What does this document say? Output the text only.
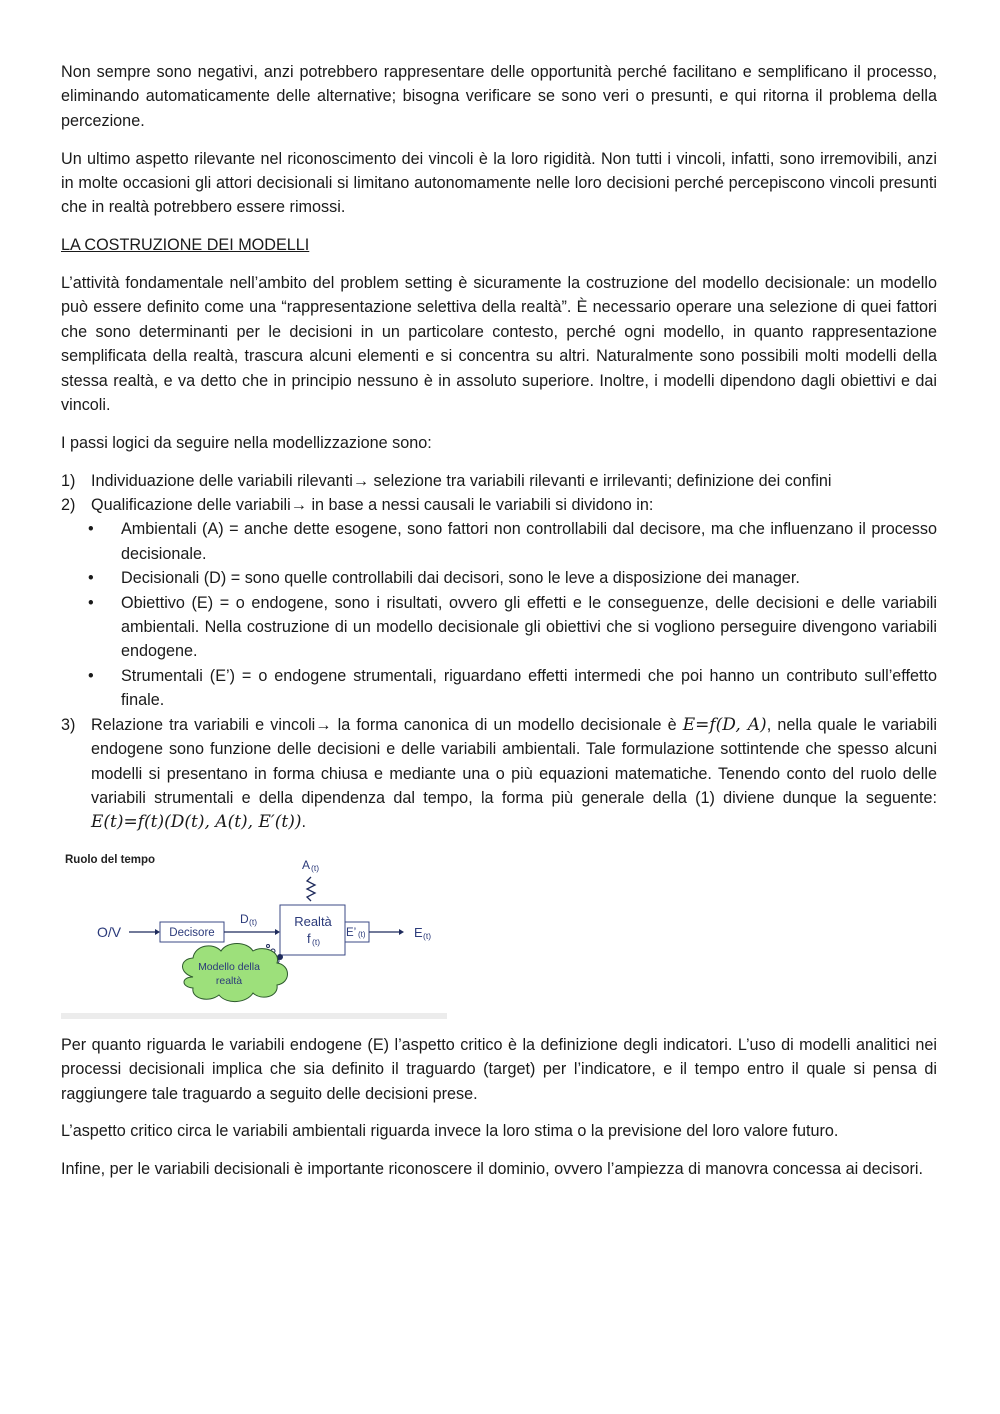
Non sempre sono negativi, anzi potrebbero rappresentare delle opportunità perché facilitano e semplificano il processo, eliminando automaticamente delle alternative; bisogna verificare se sono veri o presunti, e qui ritorna il problema della percezione.

Un ultimo aspetto rilevante nel riconoscimento dei vincoli è la loro rigidità. Non tutti i vincoli, infatti, sono irremovibili, anzi in molte occasioni gli attori decisionali si limitano autonomamente nelle loro decisioni perché percepiscono vincoli presunti che in realtà potrebbero essere rimossi.

LA COSTRUZIONE DEI MODELLI

L’attività fondamentale nell’ambito del problem setting è sicuramente la costruzione del modello decisionale: un modello può essere definito come una “rappresentazione selettiva della realtà”. È necessario operare una selezione di quei fattori che sono determinanti per le decisioni in un particolare contesto, perché ogni modello, in quanto rappresentazione semplificata della realtà, trascura alcuni elementi e si concentra su altri. Naturalmente sono possibili molti modelli della stessa realtà, e va detto che in principio nessuno è in assoluto superiore. Inoltre, i modelli dipendono dagli obiettivi e dai vincoli.

I passi logici da seguire nella modellizzazione sono:

1) Individuazione delle variabili rilevanti→ selezione tra variabili rilevanti e irrilevanti; definizione dei confini
2) Qualificazione delle variabili→ in base a nessi causali le variabili si dividono in:
• Ambientali (A) = anche dette esogene, sono fattori non controllabili dal decisore, ma che influenzano il processo decisionale.
• Decisionali (D) = sono quelle controllabili dai decisori, sono le leve a disposizione dei manager.
• Obiettivo (E) = o endogene, sono i risultati, ovvero gli effetti e le conseguenze, delle decisioni e delle variabili ambientali. Nella costruzione di un modello decisionale gli obiettivi che si vogliono perseguire divengono variabili endogene.
• Strumentali (E’) = o endogene strumentali, riguardano effetti intermedi che poi hanno un contributo sull’effetto finale.
3) Relazione tra variabili e vincoli→ la forma canonica di un modello decisionale è E=f(D, A), nella quale le variabili endogene sono funzione delle decisioni e delle variabili ambientali. Tale formulazione sottintende che spesso alcuni modelli si presentano in forma chiusa e mediante una o più equazioni matematiche. Tenendo conto del ruolo delle variabili strumentali e della dipendenza dal tempo, la forma più generale della (1) diviene dunque la seguente: E(t)=f(t)(D(t), A(t), E′(t)).
Ruolo del tempo
O/V	Decisore
D (t)
A (t)
Realtà
f (t)
E’ (t)	E (t)
Modello della
realtà

Per quanto riguarda le variabili endogene (E) l’aspetto critico è la definizione degli indicatori. L’uso di modelli analitici nei processi decisionali implica che sia definito il traguardo (target) per l’indicatore, e il tempo entro il quale si pensa di raggiungere tale traguardo a seguito delle decisioni prese.

L’aspetto critico circa le variabili ambientali riguarda invece la loro stima o la previsione del loro valore futuro.

Infine, per le variabili decisionali è importante riconoscere il dominio, ovvero l’ampiezza di manovra concessa ai decisori.
